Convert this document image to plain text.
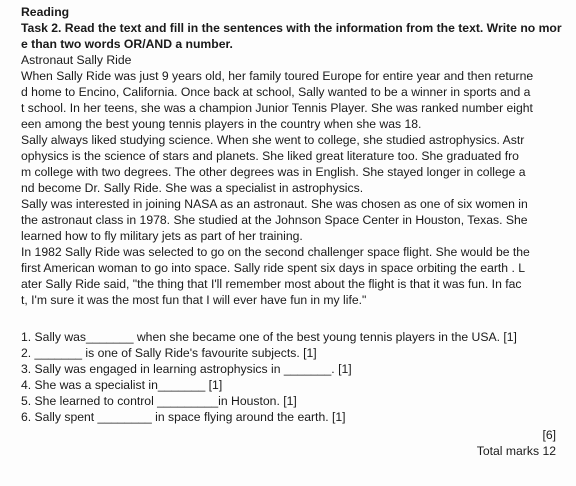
Reading
Task 2. Read the text and fill in the sentences with the information from the text. Write no mor
e than two words OR/AND a number.
Astronaut Sally Ride
When Sally Ride was just 9 years old, her family toured Europe for entire year and then returne
d home to Encino, California. Once back at school, Sally wanted to be a winner in sports and a
t school. In her teens, she was a champion Junior Tennis Player. She was ranked number eight
een among the best young tennis players in the country when she was 18.
Sally always liked studying science. When she went to college, she studied astrophysics. Astr
ophysics is the science of stars and planets. She liked great literature too. She graduated fro
m college with two degrees. The other degrees was in English. She stayed longer in college a
nd become Dr. Sally Ride. She was a specialist in astrophysics.
Sally was interested in joining NASA as an astronaut. She was chosen as one of six women in
the astronaut class in 1978. She studied at the Johnson Space Center in Houston, Texas. She
learned how to fly military jets as part of her training.
In 1982 Sally Ride was selected to go on the second challenger space flight. She would be the
first American woman to go into space. Sally ride spent six days in space orbiting the earth . L
ater Sally Ride said, "the thing that I'll remember most about the flight is that it was fun. In fac
t, I'm sure it was the most fun that I will ever have fun in my life."
1. Sally was_______ when she became one of the best young tennis players in the USA. [1]
2. _______ is one of Sally Ride's favourite subjects. [1]
3. Sally was engaged in learning astrophysics in _______. [1]
4. She was a specialist in_______ [1]
5. She learned to control _________in Houston. [1]
6. Sally spent ________ in space flying around the earth. [1]
[6]
Total marks 12
